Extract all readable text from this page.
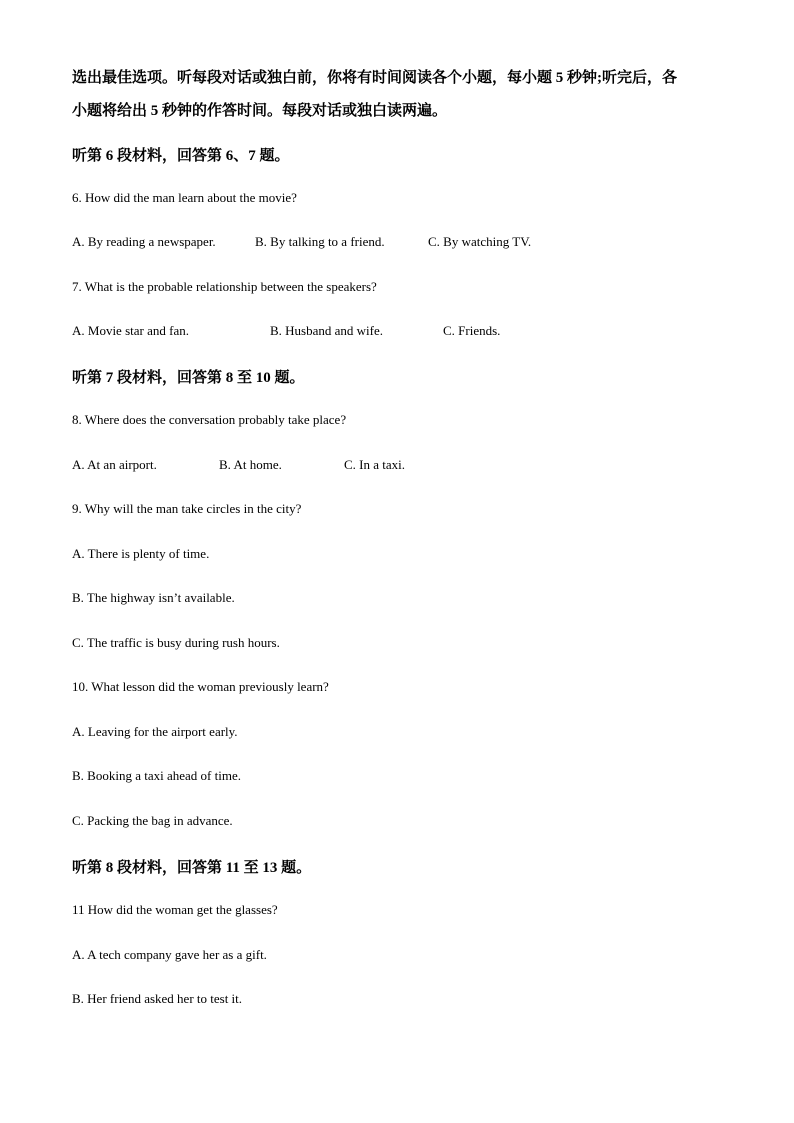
选出最佳选项。听每段对话或独白前，你将有时间阅读各个小题，每小题 5 秒钟;听完后，各
小题将给出 5 秒钟的作答时间。每段对话或独白读两遍。
听第 6 段材料，回答第 6、7 题。
6. How did the man learn about the movie?
A. By reading a newspaper.	B. By talking to a friend.	C. By watching TV.
7. What is the probable relationship between the speakers?
A. Movie star and fan.	B. Husband and wife.	C. Friends.
听第 7 段材料，回答第 8 至 10 题。
8. Where does the conversation probably take place?
A. At an airport.	B. At home.	C. In a taxi.
9. Why will the man take circles in the city?
A. There is plenty of time.
B. The highway isn’t available.
C. The traffic is busy during rush hours.
10. What lesson did the woman previously learn?
A. Leaving for the airport early.
B. Booking a taxi ahead of time.
C. Packing the bag in advance.
听第 8 段材料，回答第 11 至 13 题。
11 How did the woman get the glasses?
A. A tech company gave her as a gift.
B. Her friend asked her to test it.
